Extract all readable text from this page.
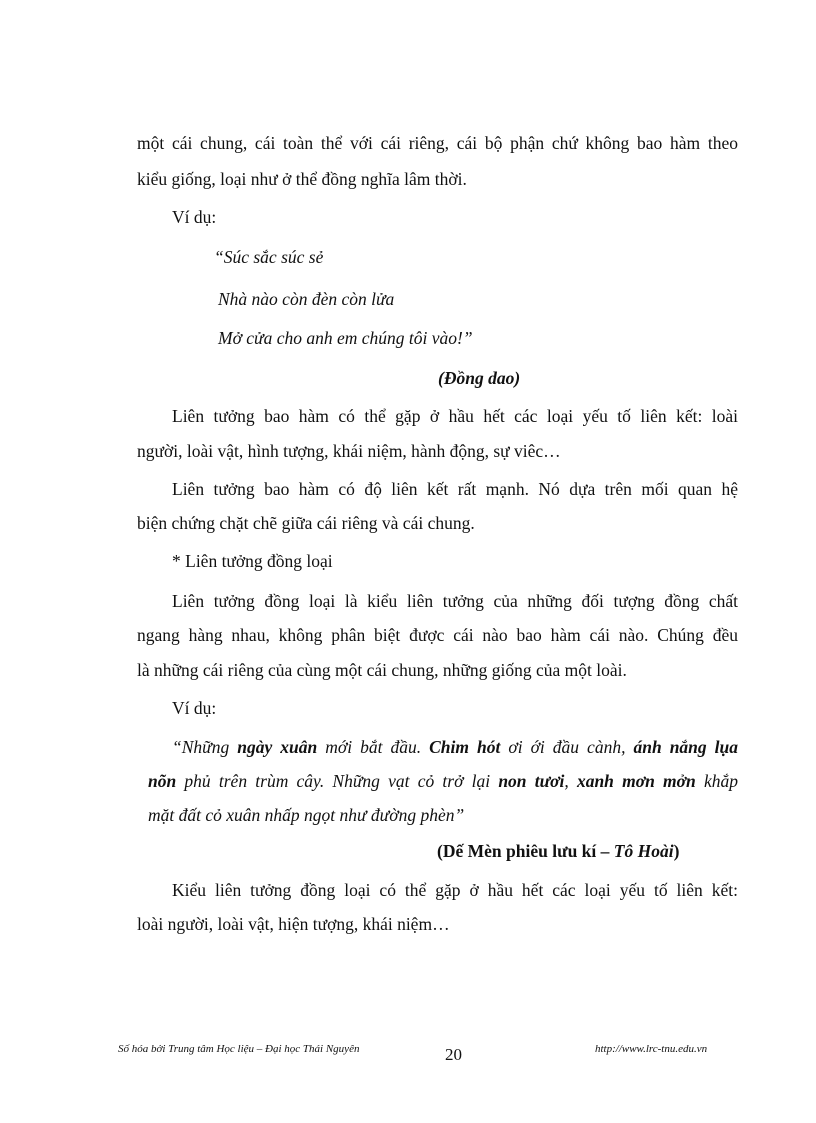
một cái chung, cái toàn thể với cái riêng, cái bộ phận chứ không bao hàm theo
kiểu giống, loại như ở thể đồng nghĩa lâm thời.
Ví dụ:
“Súc sắc súc sẻ
Nhà nào còn đèn còn lửa
Mở cửa cho anh em chúng tôi vào!”
(Đồng dao)
Liên tưởng bao hàm có thể gặp ở hầu hết các loại yếu tố liên kết: loài
người, loài vật, hình tượng, khái niệm, hành động, sự viêc…
Liên tưởng bao hàm có độ liên kết rất mạnh. Nó dựa trên mối quan hệ
biện chứng chặt chẽ giữa cái riêng và cái chung.
* Liên tưởng đồng loại
Liên tưởng đồng loại là kiểu liên tưởng của những đối tượng đồng chất
ngang hàng nhau, không phân biệt được cái nào bao hàm cái nào. Chúng đều
là những cái riêng của cùng một cái chung, những giống của một loài.
Ví dụ:
“Những ngày xuân mới bắt đầu. Chim hót ơi ới đầu cành, ánh nắng lụa
nõn phủ trên trùm cây. Những vạt cỏ trở lại non tươi, xanh mơn mởn khắp
mặt đất cỏ xuân nhấp ngọt như đường phèn”
(Dế Mèn phiêu lưu kí – Tô Hoài)
Kiểu liên tưởng đồng loại có thể gặp ở hầu hết các loại yếu tố liên kết:
loài người, loài vật, hiện tượng, khái niệm…
Số hóa bởi Trung tâm Học liệu – Đại học Thái Nguyên	20	http://www.lrc-tnu.edu.vn
